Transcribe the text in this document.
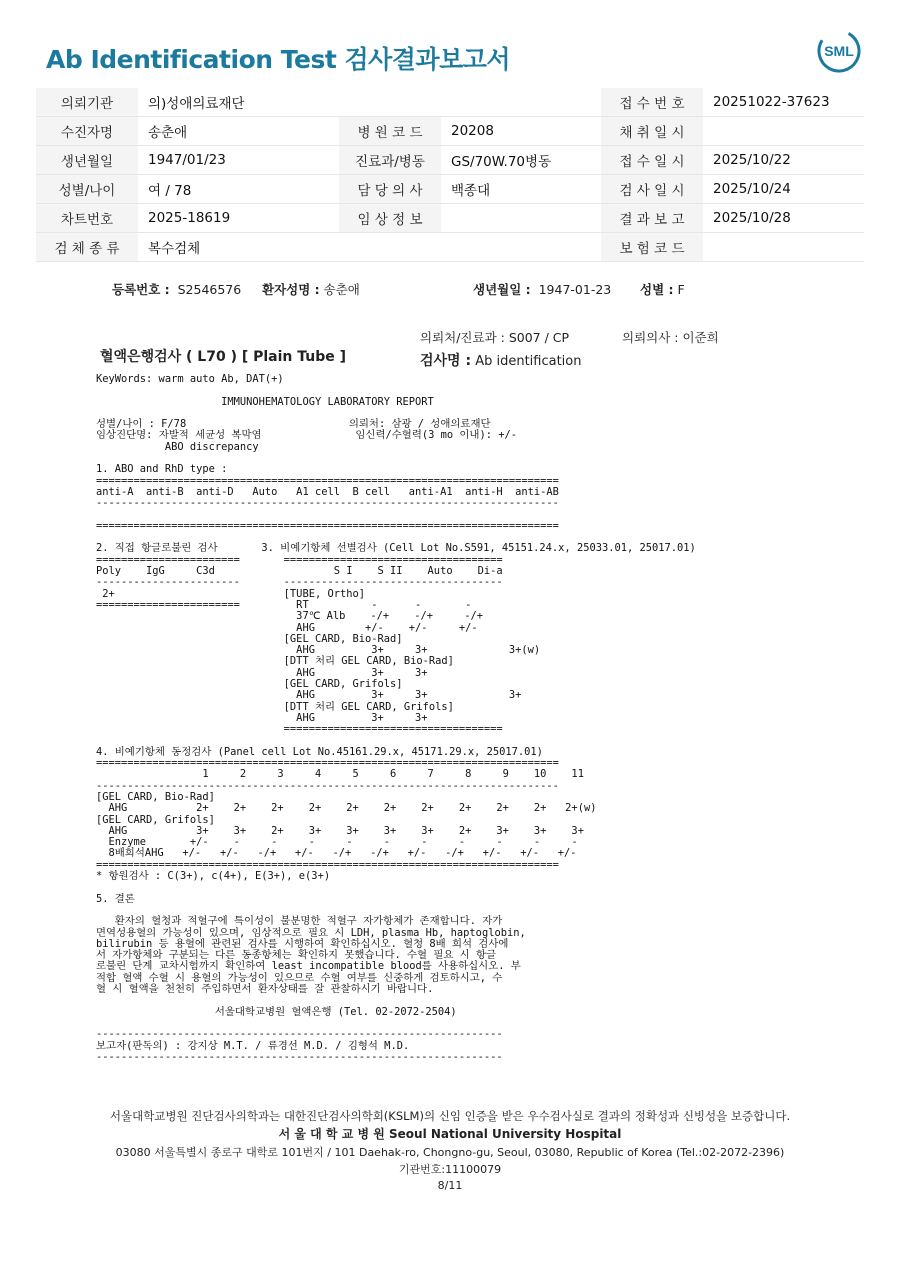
Ab Identification Test 검사결과보고서	SML
의뢰기관	의)성애의료재단			접 수 번 호	20251022-37623
수진자명	송춘애	병 원 코 드	20208	채 취 일 시	
생년월일	1947/01/23	진료과/병동	GS/70W.70병동	접 수 일 시	2025/10/22
성별/나이	여 / 78	담 당 의 사	백종대	검 사 일 시	2025/10/24
차트번호	2025-18619	임 상 정 보		결 과 보 고	2025/10/28
검 체 종 류	복수검체			보 험 코 드	
등록번호 : S2546576 환자성명 : 송춘애	생년월일 : 1947-01-23 성별 : F
의뢰처/진료과 : S007 / CP	의뢰의사 : 이준희
혈액은행검사 ( L70 ) [ Plain Tube ]	검사명 : Ab identification
KeyWords: warm auto Ab, DAT(+)
IMMUNOHEMATOLOGY LABORATORY REPORT
성별/나이 : F/78                          의뢰처: 삼광 / 성애의료재단
임상진단명: 자발적 세균성 복막염               임신력/수혈력(3 mo 이내): +/-
ABO discrepancy
1. ABO and RhD type :
==========================================================================
anti-A  anti-B  anti-D   Auto   A1 cell  B cell   anti-A1  anti-H  anti-AB
--------------------------------------------------------------------------
==========================================================================
2. 직접 항글로불린 검사       3. 비예기항체 선별검사 (Cell Lot No.S591, 45151.24.x, 25033.01, 25017.01)
=======================       ===================================
Poly    IgG     C3d                   S I    S II    Auto    Di-a
-----------------------       -----------------------------------
2+                           [TUBE, Ortho]
=======================         RT          -      -       -
37℃ Alb    -/+    -/+     -/+
AHG        +/-    +/-     +/-
[GEL CARD, Bio-Rad]
AHG         3+     3+             3+(w)
[DTT 처리 GEL CARD, Bio-Rad]
AHG         3+     3+
[GEL CARD, Grifols]
AHG         3+     3+             3+
[DTT 처리 GEL CARD, Grifols]
AHG         3+     3+
===================================
4. 비예기항체 동정검사 (Panel cell Lot No.45161.29.x, 45171.29.x, 25017.01)
==========================================================================
1     2     3     4     5     6     7     8     9    10    11
--------------------------------------------------------------------------
[GEL CARD, Bio-Rad]
AHG           2+    2+    2+    2+    2+    2+    2+    2+    2+    2+   2+(w)
[GEL CARD, Grifols]
AHG           3+    3+    2+    3+    3+    3+    3+    2+    3+    3+    3+
Enzyme       +/-    -     -     -     -     -     -     -     -     -     -
8배희석AHG   +/-   +/-   -/+   +/-   -/+   -/+   +/-   -/+   +/-   +/-   +/-
==========================================================================
* 항원검사 : C(3+), c(4+), E(3+), e(3+)
5. 결론
환자의 혈청과 적혈구에 특이성이 불분명한 적혈구 자가항체가 존재합니다. 자가
면역성용혈의 가능성이 있으며, 임상적으로 필요 시 LDH, plasma Hb, haptoglobin,
bilirubin 등 용혈에 관련된 검사를 시행하여 확인하십시오. 혈청 8배 희석 검사에
서 자가항체와 구분되는 다른 동종항체는 확인하지 못했습니다. 수혈 필요 시 항글
로불린 단계 교차시험까지 확인하여 least incompatible blood를 사용하십시오. 부
적합 혈액 수혈 시 용혈의 가능성이 있으므로 수혈 여부를 신중하게 검토하시고, 수
혈 시 혈액을 천천히 주입하면서 환자상태를 잘 관찰하시기 바랍니다.
서울대학교병원 혈액은행 (Tel. 02-2072-2504)
-----------------------------------------------------------------
보고자(판독의) : 강지상 M.T. / 류경선 M.D. / 김형석 M.D.
-----------------------------------------------------------------
서울대학교병원 진단검사의학과는 대한진단검사의학회(KSLM)의 신임 인증을 받은 우수검사실로 결과의 정확성과 신빙성을 보증합니다.
서 울 대 학 교 병 원 Seoul National University Hospital
03080 서울특별시 종로구 대학로 101번지 / 101 Daehak-ro, Chongno-gu, Seoul, 03080, Republic of Korea (Tel.:02-2072-2396)
기관번호:11100079
8/11
